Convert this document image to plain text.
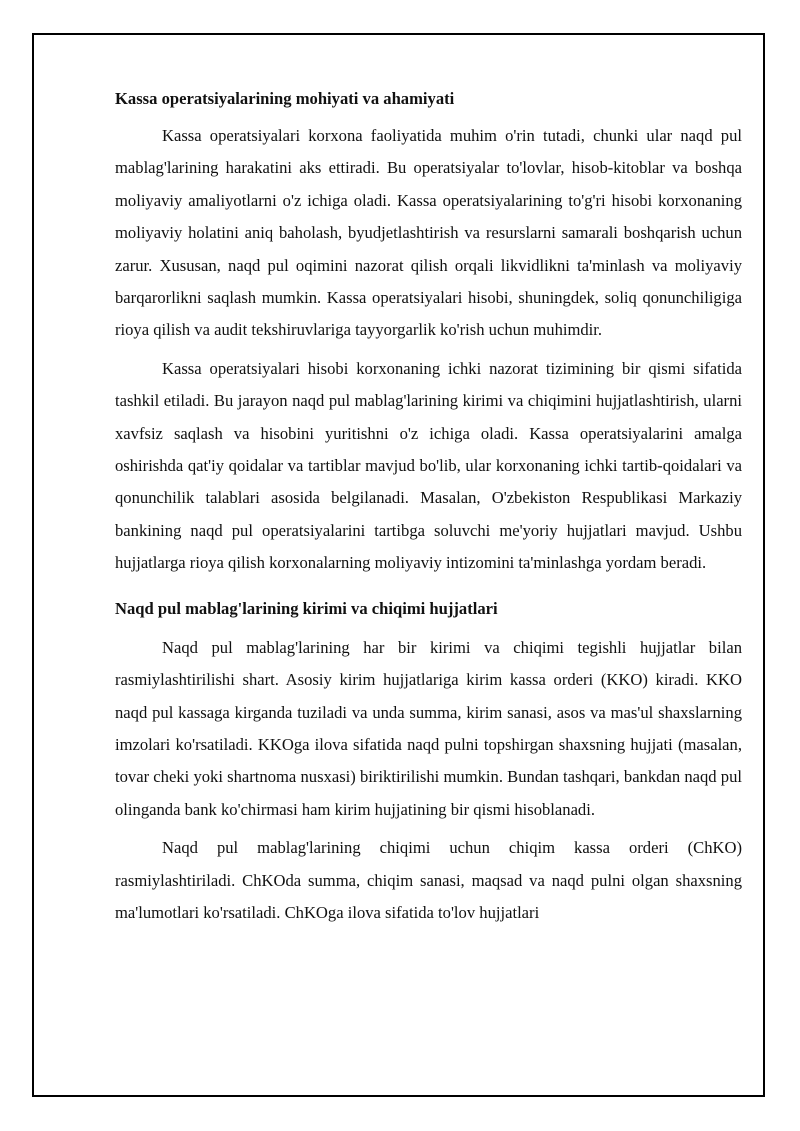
Kassa operatsiyalarining mohiyati va ahamiyati

Kassa operatsiyalari korxona faoliyatida muhim o'rin tutadi, chunki ular naqd pul mablag'larining harakatini aks ettiradi. Bu operatsiyalar to'lovlar, hisob-kitoblar va boshqa moliyaviy amaliyotlarni o'z ichiga oladi. Kassa operatsiyalarining to'g'ri hisobi korxonaning moliyaviy holatini aniq baholash, byudjetlashtirish va resurslarni samarali boshqarish uchun zarur. Xususan, naqd pul oqimini nazorat qilish orqali likvidlikni ta'minlash va moliyaviy barqarorlikni saqlash mumkin. Kassa operatsiyalari hisobi, shuningdek, soliq qonunchiligiga rioya qilish va audit tekshiruvlariga tayyorgarlik ko'rish uchun muhimdir.

Kassa operatsiyalari hisobi korxonaning ichki nazorat tizimining bir qismi sifatida tashkil etiladi. Bu jarayon naqd pul mablag'larining kirimi va chiqimini hujjatlashtirish, ularni xavfsiz saqlash va hisobini yuritishni o'z ichiga oladi. Kassa operatsiyalarini amalga oshirishda qat'iy qoidalar va tartiblar mavjud bo'lib, ular korxonaning ichki tartib-qoidalari va qonunchilik talablari asosida belgilanadi. Masalan, O'zbekiston Respublikasi Markaziy bankining naqd pul operatsiyalarini tartibga soluvchi me'yoriy hujjatlari mavjud. Ushbu hujjatlarga rioya qilish korxonalarning moliyaviy intizomini ta'minlashga yordam beradi.

Naqd pul mablag'larining kirimi va chiqimi hujjatlari

Naqd pul mablag'larining har bir kirimi va chiqimi tegishli hujjatlar bilan rasmiylashtirilishi shart. Asosiy kirim hujjatlariga kirim kassa orderi (KKO) kiradi. KKO naqd pul kassaga kirganda tuziladi va unda summa, kirim sanasi, asos va mas'ul shaxslarning imzolari ko'rsatiladi. KKOga ilova sifatida naqd pulni topshirgan shaxsning hujjati (masalan, tovar cheki yoki shartnoma nusxasi) biriktirilishi mumkin. Bundan tashqari, bankdan naqd pul olinganda bank ko'chirmasi ham kirim hujjatining bir qismi hisoblanadi.

Naqd pul mablag'larining chiqimi uchun chiqim kassa orderi (ChKO) rasmiylashtiriladi. ChKOda summa, chiqim sanasi, maqsad va naqd pulni olgan shaxsning ma'lumotlari ko'rsatiladi. ChKOga ilova sifatida to'lov hujjatlari
